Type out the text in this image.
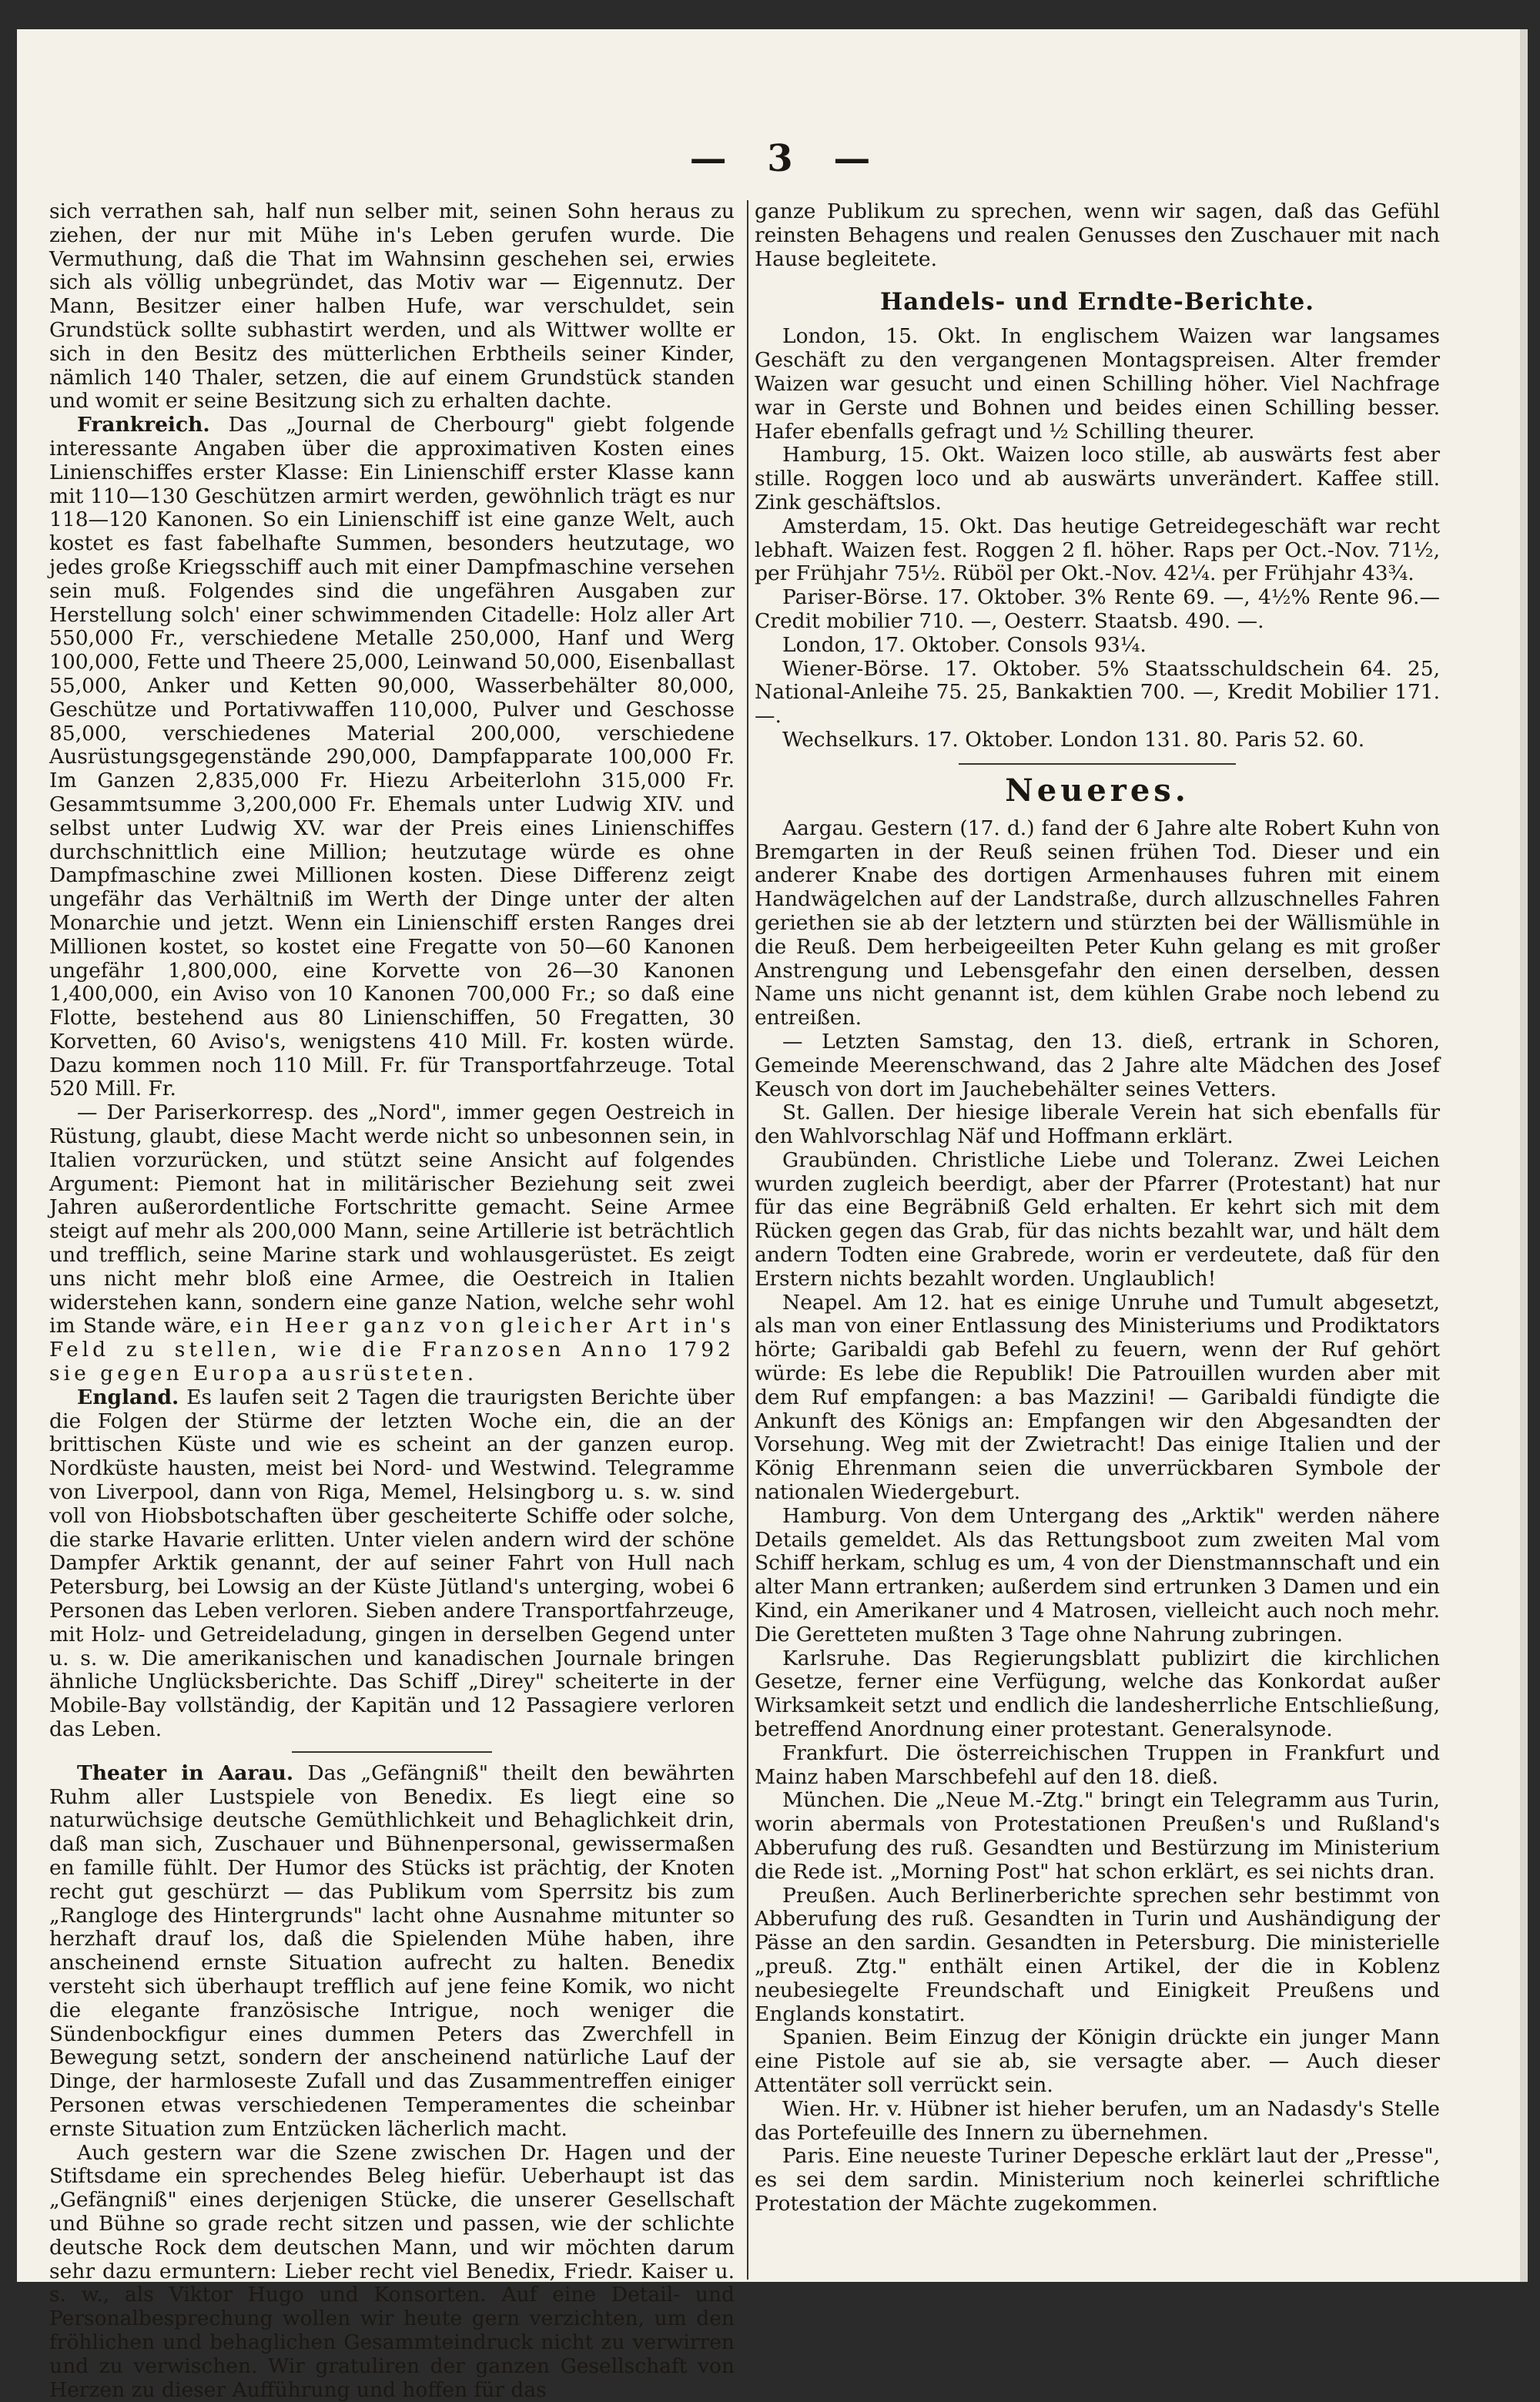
— 3 —

sich verrathen sah, half nun selber mit, seinen Sohn heraus zu ziehen, der nur mit Mühe in's Leben gerufen wurde. Die Vermuthung, daß die That im Wahnsinn geschehen sei, erwies sich als völlig unbegründet, das Motiv war — Eigennutz. Der Mann, Besitzer einer halben Hufe, war verschuldet, sein Grundstück sollte subhastirt werden, und als Wittwer wollte er sich in den Besitz des mütterlichen Erbtheils seiner Kinder, nämlich 140 Thaler, setzen, die auf einem Grundstück standen und womit er seine Besitzung sich zu erhalten dachte.

Frankreich. Das „Journal de Cherbourg" giebt folgende interessante Angaben über die approximativen Kosten eines Linienschiffes erster Klasse: Ein Linienschiff erster Klasse kann mit 110—130 Geschützen armirt werden, gewöhnlich trägt es nur 118—120 Kanonen. So ein Linienschiff ist eine ganze Welt, auch kostet es fast fabelhafte Summen, besonders heutzutage, wo jedes große Kriegsschiff auch mit einer Dampfmaschine versehen sein muß. Folgendes sind die ungefähren Ausgaben zur Herstellung solch' einer schwimmenden Citadelle: Holz aller Art 550,000 Fr., verschiedene Metalle 250,000, Hanf und Werg 100,000, Fette und Theere 25,000, Leinwand 50,000, Eisenballast 55,000, Anker und Ketten 90,000, Wasserbehälter 80,000, Geschütze und Portativwaffen 110,000, Pulver und Geschosse 85,000, verschiedenes Material 200,000, verschiedene Ausrüstungsgegenstände 290,000, Dampfapparate 100,000 Fr. Im Ganzen 2,835,000 Fr. Hiezu Arbeiterlohn 315,000 Fr. Gesammtsumme 3,200,000 Fr. Ehemals unter Ludwig XIV. und selbst unter Ludwig XV. war der Preis eines Linienschiffes durchschnittlich eine Million; heutzutage würde es ohne Dampfmaschine zwei Millionen kosten. Diese Differenz zeigt ungefähr das Verhältniß im Werth der Dinge unter der alten Monarchie und jetzt. Wenn ein Linienschiff ersten Ranges drei Millionen kostet, so kostet eine Fregatte von 50—60 Kanonen ungefähr 1,800,000, eine Korvette von 26—30 Kanonen 1,400,000, ein Aviso von 10 Kanonen 700,000 Fr.; so daß eine Flotte, bestehend aus 80 Linienschiffen, 50 Fregatten, 30 Korvetten, 60 Aviso's, wenigstens 410 Mill. Fr. kosten würde. Dazu kommen noch 110 Mill. Fr. für Transportfahrzeuge. Total 520 Mill. Fr.

— Der Pariserkorresp. des „Nord", immer gegen Oestreich in Rüstung, glaubt, diese Macht werde nicht so unbesonnen sein, in Italien vorzurücken, und stützt seine Ansicht auf folgendes Argument: Piemont hat in militärischer Beziehung seit zwei Jahren außerordentliche Fortschritte gemacht. Seine Armee steigt auf mehr als 200,000 Mann, seine Artillerie ist beträchtlich und trefflich, seine Marine stark und wohlausgerüstet. Es zeigt uns nicht mehr bloß eine Armee, die Oestreich in Italien widerstehen kann, sondern eine ganze Nation, welche sehr wohl im Stande wäre, ein Heer ganz von gleicher Art in's Feld zu stellen, wie die Franzosen Anno 1792 sie gegen Europa ausrüsteten.

England. Es laufen seit 2 Tagen die traurigsten Berichte über die Folgen der Stürme der letzten Woche ein, die an der brittischen Küste und wie es scheint an der ganzen europ. Nordküste hausten, meist bei Nord- und Westwind. Telegramme von Liverpool, dann von Riga, Memel, Helsingborg u. s. w. sind voll von Hiobsbotschaften über gescheiterte Schiffe oder solche, die starke Havarie erlitten. Unter vielen andern wird der schöne Dampfer Arktik genannt, der auf seiner Fahrt von Hull nach Petersburg, bei Lowsig an der Küste Jütland's unterging, wobei 6 Personen das Leben verloren. Sieben andere Transportfahrzeuge, mit Holz- und Getreideladung, gingen in derselben Gegend unter u. s. w. Die amerikanischen und kanadischen Journale bringen ähnliche Unglücksberichte. Das Schiff „Direy" scheiterte in der Mobile-Bay vollständig, der Kapitän und 12 Passagiere verloren das Leben.

Theater in Aarau. Das „Gefängniß" theilt den bewährten Ruhm aller Lustspiele von Benedix. Es liegt eine so naturwüchsige deutsche Gemüthlichkeit und Behaglichkeit drin, daß man sich, Zuschauer und Bühnenpersonal, gewissermaßen en famille fühlt. Der Humor des Stücks ist prächtig, der Knoten recht gut geschürzt — das Publikum vom Sperrsitz bis zum „Rangloge des Hintergrunds" lacht ohne Ausnahme mitunter so herzhaft drauf los, daß die Spielenden Mühe haben, ihre anscheinend ernste Situation aufrecht zu halten. Benedix versteht sich überhaupt trefflich auf jene feine Komik, wo nicht die elegante französische Intrigue, noch weniger die Sündenbockfigur eines dummen Peters das Zwerchfell in Bewegung setzt, sondern der anscheinend natürliche Lauf der Dinge, der harmloseste Zufall und das Zusammentreffen einiger Personen etwas verschiedenen Temperamentes die scheinbar ernste Situation zum Entzücken lächerlich macht.

Auch gestern war die Szene zwischen Dr. Hagen und der Stiftsdame ein sprechendes Beleg hiefür. Ueberhaupt ist das „Gefängniß" eines derjenigen Stücke, die unserer Gesellschaft und Bühne so grade recht sitzen und passen, wie der schlichte deutsche Rock dem deutschen Mann, und wir möchten darum sehr dazu ermuntern: Lieber recht viel Benedix, Friedr. Kaiser u. s. w., als Viktor Hugo und Konsorten. Auf eine Detail- und Personalbesprechung wollen wir heute gern verzichten, um den fröhlichen und behaglichen Gesammteindruck nicht zu verwirren und zu verwischen. Wir gratuliren der ganzen Gesellschaft von Herzen zu dieser Aufführung und hoffen für das

ganze Publikum zu sprechen, wenn wir sagen, daß das Gefühl reinsten Behagens und realen Genusses den Zuschauer mit nach Hause begleitete.

Handels- und Erndte-Berichte.

London, 15. Okt. In englischem Waizen war langsames Geschäft zu den vergangenen Montagspreisen. Alter fremder Waizen war gesucht und einen Schilling höher. Viel Nachfrage war in Gerste und Bohnen und beides einen Schilling besser. Hafer ebenfalls gefragt und ½ Schilling theurer.

Hamburg, 15. Okt. Waizen loco stille, ab auswärts fest aber stille. Roggen loco und ab auswärts unverändert. Kaffee still. Zink geschäftslos.

Amsterdam, 15. Okt. Das heutige Getreidegeschäft war recht lebhaft. Waizen fest. Roggen 2 fl. höher. Raps per Oct.-Nov. 71½, per Frühjahr 75½. Rüböl per Okt.-Nov. 42¼. per Frühjahr 43¾.

Pariser-Börse. 17. Oktober. 3% Rente 69. —, 4½% Rente 96.— Credit mobilier 710. —, Oesterr. Staatsb. 490. —.

London, 17. Oktober. Consols 93¼.

Wiener-Börse. 17. Oktober. 5% Staatsschuldschein 64. 25, National-Anleihe 75. 25, Bankaktien 700. —, Kredit Mobilier 171. —.

Wechselkurs. 17. Oktober. London 131. 80. Paris 52. 60.

Neueres.

Aargau. Gestern (17. d.) fand der 6 Jahre alte Robert Kuhn von Bremgarten in der Reuß seinen frühen Tod. Dieser und ein anderer Knabe des dortigen Armenhauses fuhren mit einem Handwägelchen auf der Landstraße, durch allzuschnelles Fahren geriethen sie ab der letztern und stürzten bei der Wällismühle in die Reuß. Dem herbeigeeilten Peter Kuhn gelang es mit großer Anstrengung und Lebensgefahr den einen derselben, dessen Name uns nicht genannt ist, dem kühlen Grabe noch lebend zu entreißen.

— Letzten Samstag, den 13. dieß, ertrank in Schoren, Gemeinde Meerenschwand, das 2 Jahre alte Mädchen des Josef Keusch von dort im Jauchebehälter seines Vetters.

St. Gallen. Der hiesige liberale Verein hat sich ebenfalls für den Wahlvorschlag Näf und Hoffmann erklärt.

Graubünden. Christliche Liebe und Toleranz. Zwei Leichen wurden zugleich beerdigt, aber der Pfarrer (Protestant) hat nur für das eine Begräbniß Geld erhalten. Er kehrt sich mit dem Rücken gegen das Grab, für das nichts bezahlt war, und hält dem andern Todten eine Grabrede, worin er verdeutete, daß für den Erstern nichts bezahlt worden. Unglaublich!

Neapel. Am 12. hat es einige Unruhe und Tumult abgesetzt, als man von einer Entlassung des Ministeriums und Prodiktators hörte; Garibaldi gab Befehl zu feuern, wenn der Ruf gehört würde: Es lebe die Republik! Die Patrouillen wurden aber mit dem Ruf empfangen: a bas Mazzini! — Garibaldi fündigte die Ankunft des Königs an: Empfangen wir den Abgesandten der Vorsehung. Weg mit der Zwietracht! Das einige Italien und der König Ehrenmann seien die unverrückbaren Symbole der nationalen Wiedergeburt.

Hamburg. Von dem Untergang des „Arktik" werden nähere Details gemeldet. Als das Rettungsboot zum zweiten Mal vom Schiff herkam, schlug es um, 4 von der Dienstmannschaft und ein alter Mann ertranken; außerdem sind ertrunken 3 Damen und ein Kind, ein Amerikaner und 4 Matrosen, vielleicht auch noch mehr. Die Geretteten mußten 3 Tage ohne Nahrung zubringen.

Karlsruhe. Das Regierungsblatt publizirt die kirchlichen Gesetze, ferner eine Verfügung, welche das Konkordat außer Wirksamkeit setzt und endlich die landesherrliche Entschließung, betreffend Anordnung einer protestant. Generalsynode.

Frankfurt. Die österreichischen Truppen in Frankfurt und Mainz haben Marschbefehl auf den 18. dieß.

München. Die „Neue M.-Ztg." bringt ein Telegramm aus Turin, worin abermals von Protestationen Preußen's und Rußland's Abberufung des ruß. Gesandten und Bestürzung im Ministerium die Rede ist. „Morning Post" hat schon erklärt, es sei nichts dran.

Preußen. Auch Berlinerberichte sprechen sehr bestimmt von Abberufung des ruß. Gesandten in Turin und Aushändigung der Pässe an den sardin. Gesandten in Petersburg. Die ministerielle „preuß. Ztg." enthält einen Artikel, der die in Koblenz neubesiegelte Freundschaft und Einigkeit Preußens und Englands konstatirt.

Spanien. Beim Einzug der Königin drückte ein junger Mann eine Pistole auf sie ab, sie versagte aber. — Auch dieser Attentäter soll verrückt sein.

Wien. Hr. v. Hübner ist hieher berufen, um an Nadasdy's Stelle das Portefeuille des Innern zu übernehmen.

Paris. Eine neueste Turiner Depesche erklärt laut der „Presse", es sei dem sardin. Ministerium noch keinerlei schriftliche Protestation der Mächte zugekommen.
